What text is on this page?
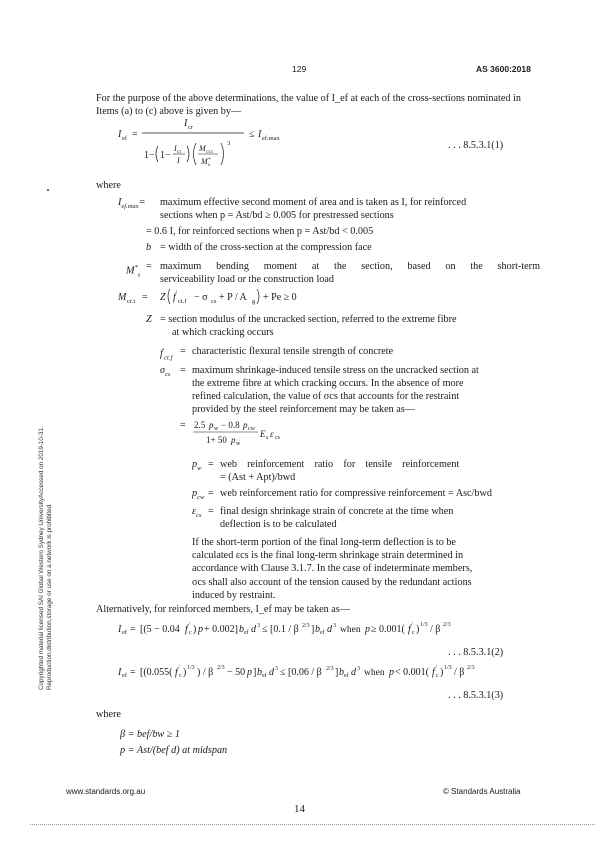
129	AS 3600:2018
For the purpose of the above determinations, the value of I_ef at each of the cross-sections nominated in Items (a) to (c) above is given by—
I ef =
I cr
≤ I ef.max
1− 1−
I cr
I
M cr.t
M *
s
3	. . . 8.5.3.1(1)
where
$I_{ef.max}=$ maximum effective second moment of area and is taken as I, for reinforced
sections when p = Ast/bd ≥ 0.005 for prestressed sections
= 0.6 I, for reinforced sections when p = Ast/bd < 0.005
b = width of the cross-section at the compression face
$M^*_s$
= maximum bending moment at the section, based on the short-term
serviceability load or the construction load
M cr.t = Z f ′
ct.f − σ cs + P / A g + Pe ≥ 0
Z = section modulus of the uncracked section, referred to the extreme fibre
at which cracking occurs
$f'_{ct.f}$
= characteristic flexural tensile strength of concrete
$\sigma_{cs}$ = maximum shrinkage-induced tensile stress on the uncracked section at
the extreme fibre at which cracking occurs. In the absence of more
refined calculation, the value of σcs that accounts for the restraint
provided by the steel reinforcement may be taken as—
= 2.5 p w − 0.8 p cw
1+ 50 p w
E s ε cs
$p_w$ = web    reinforcement    ratio    for    tensile    reinforcement
= (Ast + Apt)/bwd
$p_{cw}$ = web reinforcement ratio for compressive reinforcement = Asc/bwd
$\varepsilon_{cs}$ = final design shrinkage strain of concrete at the time when
deflection is to be calculated
If the short-term portion of the final long-term deflection is to be
calculated εcs is the final long-term shrinkage strain determined in
accordance with Clause 3.1.7. In the case of indeterminate members,
σcs shall also account of the tension caused by the redundant actions
induced by restraint.
Alternatively, for reinforced members, I_ef may be taken as—
I ef = [(5 − 0.04 f ′
c ) p + 0.002] b ef d 3 ≤ [0.1 / β 2/3 ] b ef d 3 when p ≥ 0.001( f ′
c ) 1/3 / β 2/3
. . . 8.5.3.1(2)
I ef = [(0.055( f ′
c ) 1/3 ) / β 2/3 − 50 p ] b ef d 3 ≤ [0.06 / β 2/3 ] b ef d 3 when p < 0.001( f ′
c ) 1/3 / β 2/3
. . . 8.5.3.1(3)
where
β = bef/bw ≥ 1
p = Ast/(bef d) at midspan
www.standards.org.au	© Standards Australia
14
Copyrighted material licensed SAI Global Western Sydney UniversityAccessed on 2019-10-31. Reproduction,distribution,storage or use on a network is prohibited.
